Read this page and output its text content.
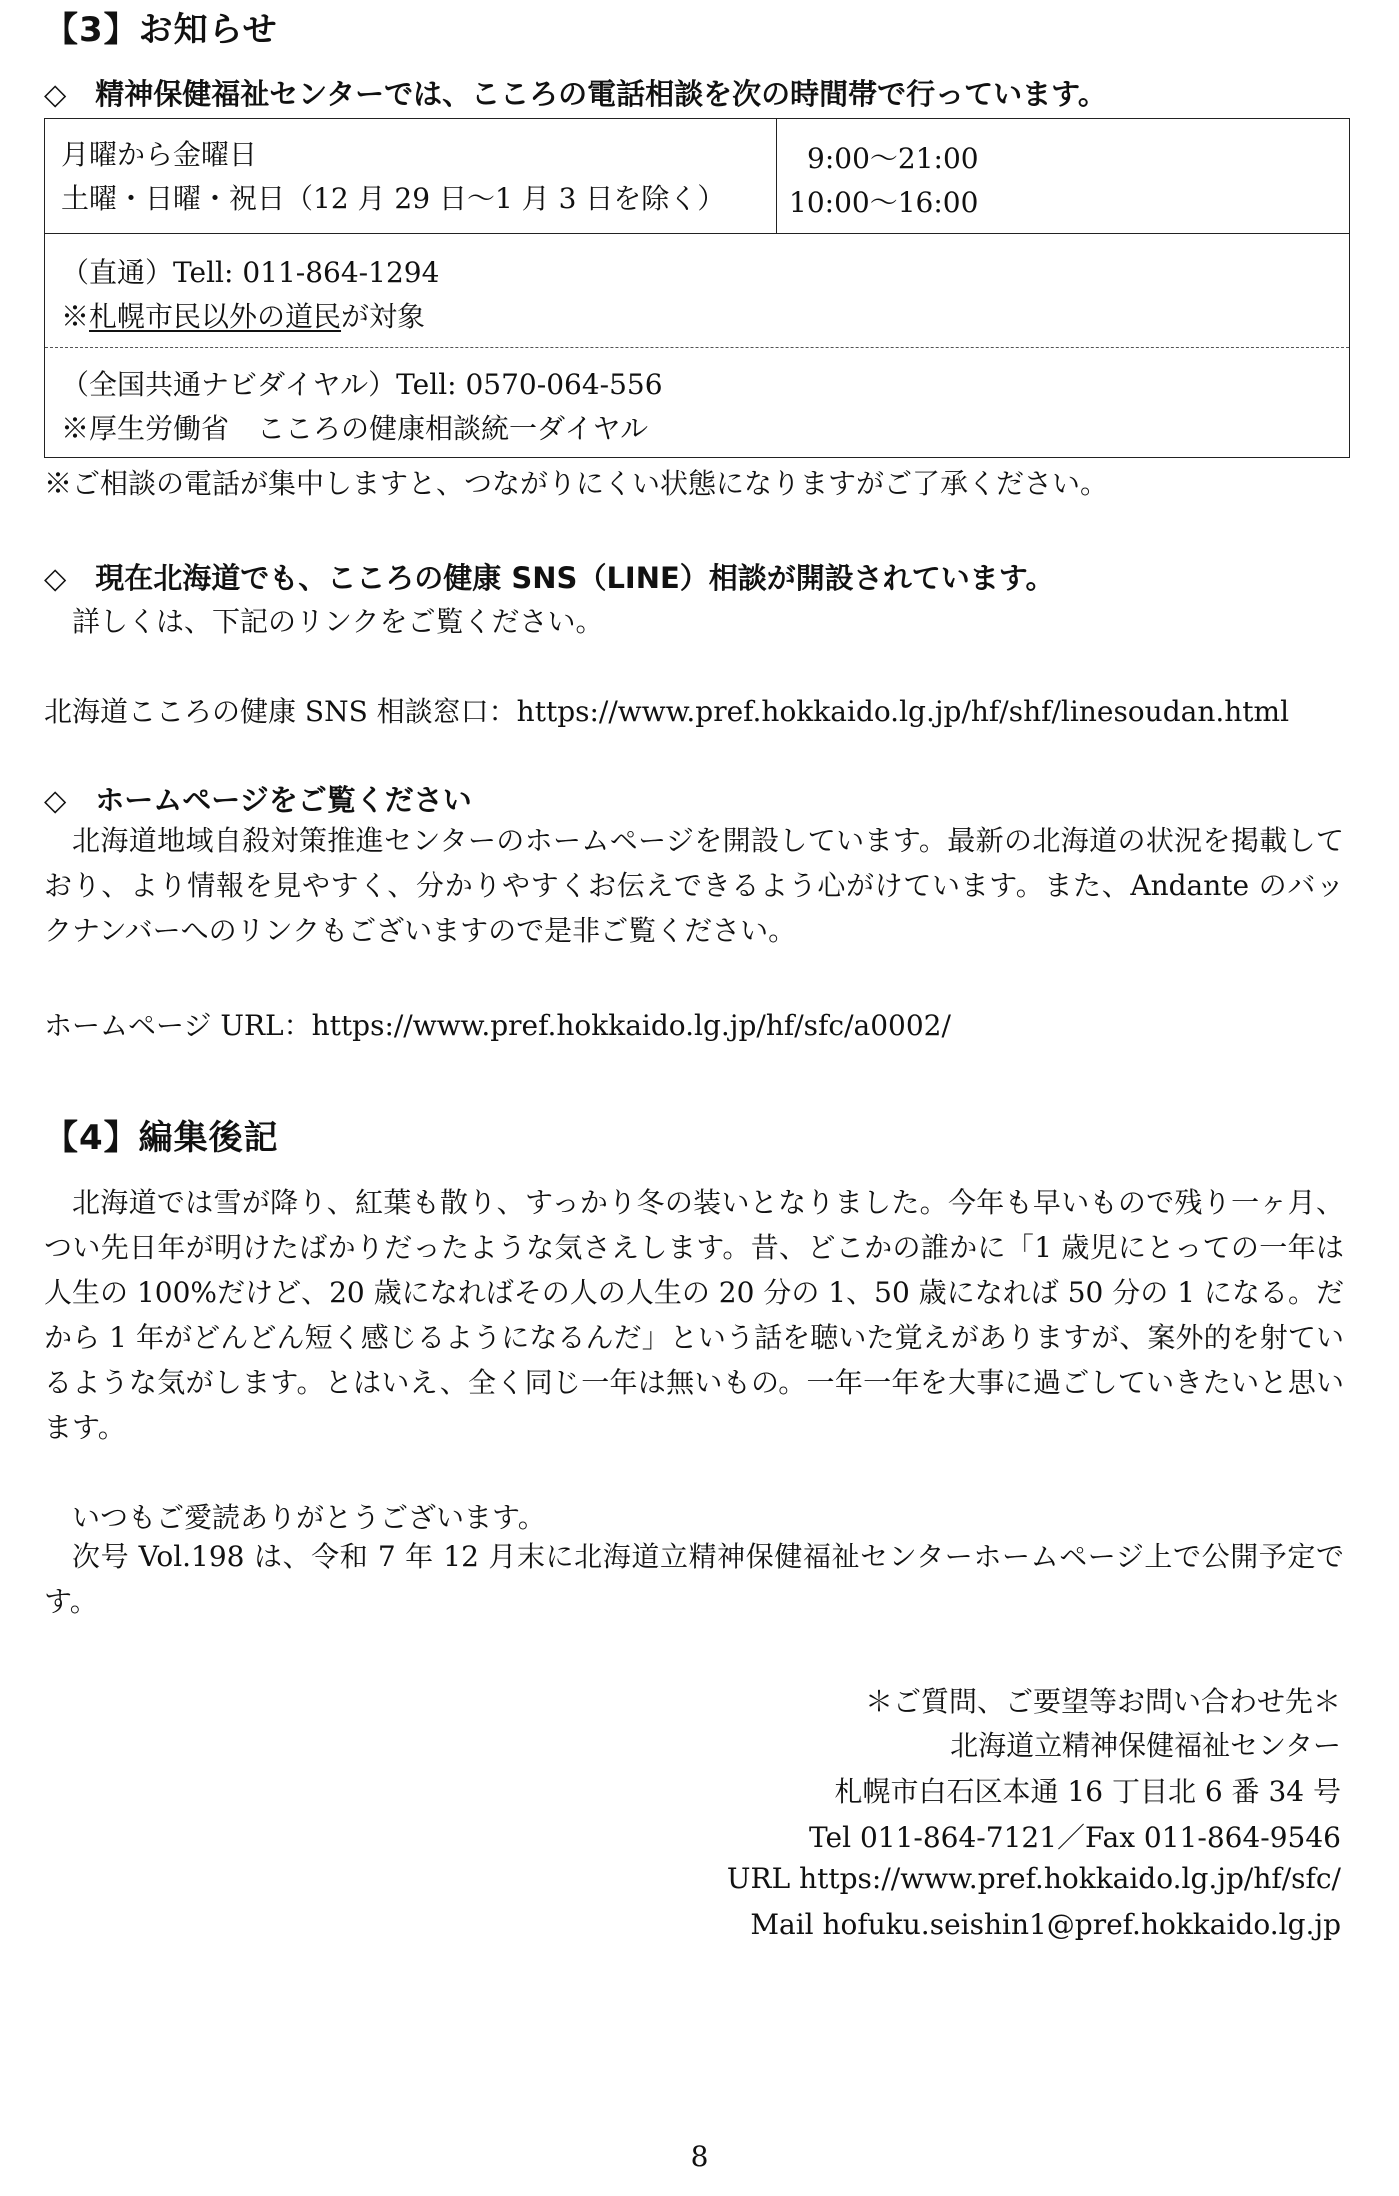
【3】お知らせ
◇　精神保健福祉センターでは、こころの電話相談を次の時間帯で行っています。
月曜から金曜日	9:00～21:00
土曜・日曜・祝日（12 月 29 日～1 月 3 日を除く） 10:00～16:00
（直通）Tell: 011-864-1294
※札幌市民以外の道民が対象
（全国共通ナビダイヤル）Tell: 0570-064-556
※厚生労働省　こころの健康相談統一ダイヤル
※ご相談の電話が集中しますと、つながりにくい状態になりますがご了承ください。
◇　現在北海道でも、こころの健康 SNS（LINE）相談が開設されています。
詳しくは、下記のリンクをご覧ください。
北海道こころの健康 SNS 相談窓口：https://www.pref.hokkaido.lg.jp/hf/shf/linesoudan.html
◇　ホームページをご覧ください
北海道地域自殺対策推進センターのホームページを開設しています。最新の北海道の状況を掲載しており、より情報を見やすく、分かりやすくお伝えできるよう心がけています。また、Andante のバックナンバーへのリンクもございますので是非ご覧ください。
ホームページ URL：https://www.pref.hokkaido.lg.jp/hf/sfc/a0002/
【4】編集後記
北海道では雪が降り、紅葉も散り、すっかり冬の装いとなりました。今年も早いもので残り一ヶ月、つい先日年が明けたばかりだったような気さえします。昔、どこかの誰かに「1 歳児にとっての一年は人生の 100%だけど、20 歳になればその人の人生の 20 分の 1、50 歳になれば 50 分の 1 になる。だから 1 年がどんどん短く感じるようになるんだ」という話を聴いた覚えがありますが、案外的を射ているような気がします。とはいえ、全く同じ一年は無いもの。一年一年を大事に過ごしていきたいと思います。
いつもご愛読ありがとうございます。
次号 Vol.198 は、令和 7 年 12 月末に北海道立精神保健福祉センターホームページ上で公開予定です。
＊ご質問、ご要望等お問い合わせ先＊
北海道立精神保健福祉センター
札幌市白石区本通 16 丁目北 6 番 34 号
Tel 011-864-7121／Fax 011-864-9546
URL https://www.pref.hokkaido.lg.jp/hf/sfc/
Mail hofuku.seishin1@pref.hokkaido.lg.jp
8
